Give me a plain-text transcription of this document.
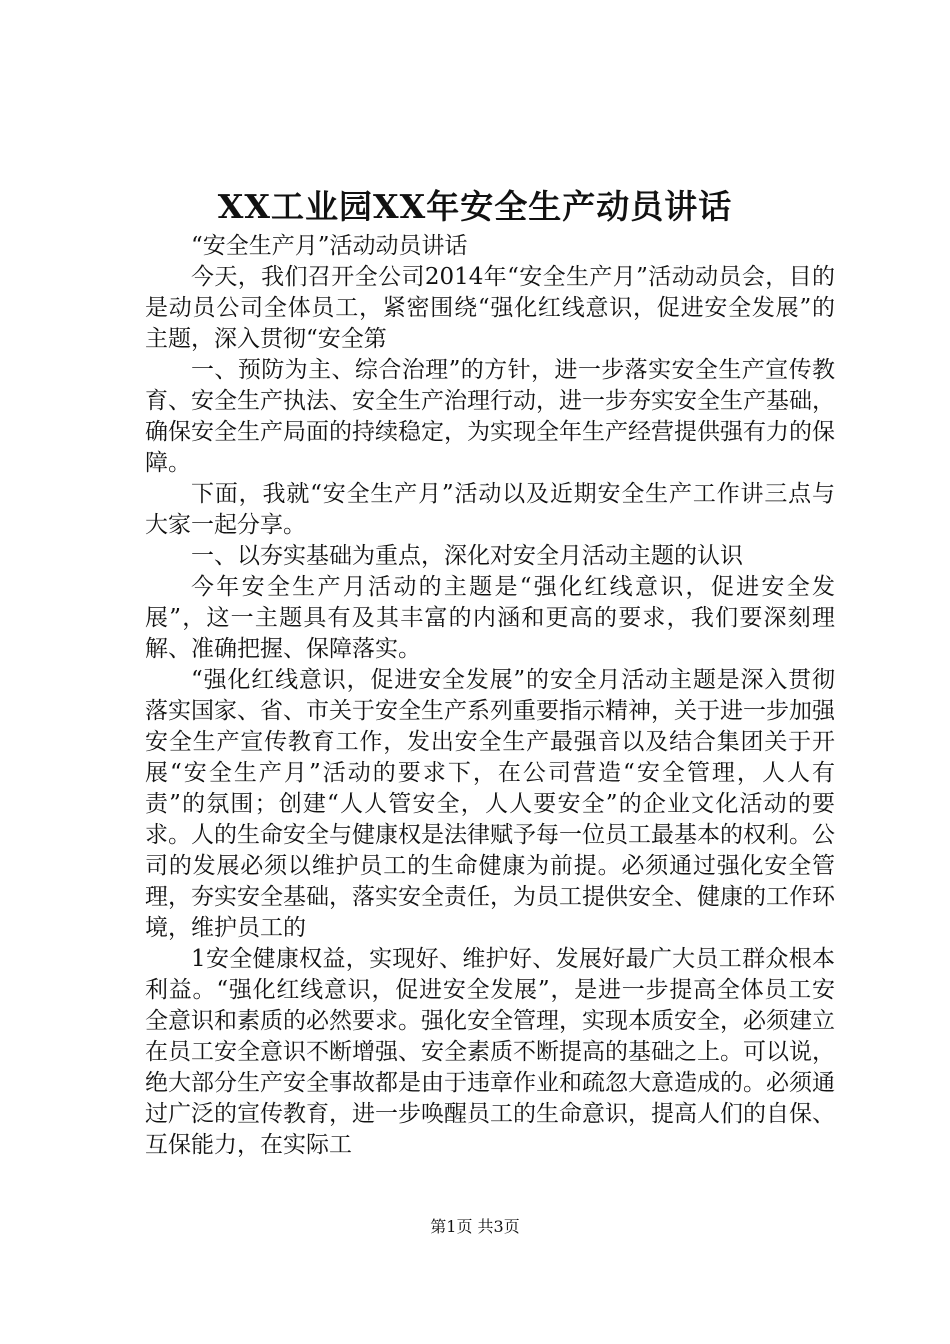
XX工业园XX年安全生产动员讲话

“安全生产月”活动动员讲话

今天，我们召开全公司2014年“安全生产月”活动动员会，目的是动员公司全体员工，紧密围绕“强化红线意识，促进安全发展”的主题，深入贯彻“安全第

一、预防为主、综合治理”的方针，进一步落实安全生产宣传教育、安全生产执法、安全生产治理行动，进一步夯实安全生产基础，确保安全生产局面的持续稳定，为实现全年生产经营提供强有力的保障。

下面，我就“安全生产月”活动以及近期安全生产工作讲三点与大家一起分享。

一、以夯实基础为重点，深化对安全月活动主题的认识

今年安全生产月活动的主题是“强化红线意识，促进安全发展”，这一主题具有及其丰富的内涵和更高的要求，我们要深刻理解、准确把握、保障落实。

“强化红线意识，促进安全发展”的安全月活动主题是深入贯彻落实国家、省、市关于安全生产系列重要指示精神，关于进一步加强安全生产宣传教育工作，发出安全生产最强音以及结合集团关于开展“安全生产月”活动的要求下，在公司营造“安全管理，人人有责”的氛围；创建“人人管安全，人人要安全”的企业文化活动的要求。人的生命安全与健康权是法律赋予每一位员工最基本的权利。公司的发展必须以维护员工的生命健康为前提。必须通过强化安全管理，夯实安全基础，落实安全责任，为员工提供安全、健康的工作环境，维护员工的

1安全健康权益，实现好、维护好、发展好最广大员工群众根本利益。“强化红线意识，促进安全发展”，是进一步提高全体员工安全意识和素质的必然要求。强化安全管理，实现本质安全，必须建立在员工安全意识不断增强、安全素质不断提高的基础之上。可以说，绝大部分生产安全事故都是由于违章作业和疏忽大意造成的。必须通过广泛的宣传教育，进一步唤醒员工的生命意识，提高人们的自保、互保能力，在实际工

第1页 共3页
